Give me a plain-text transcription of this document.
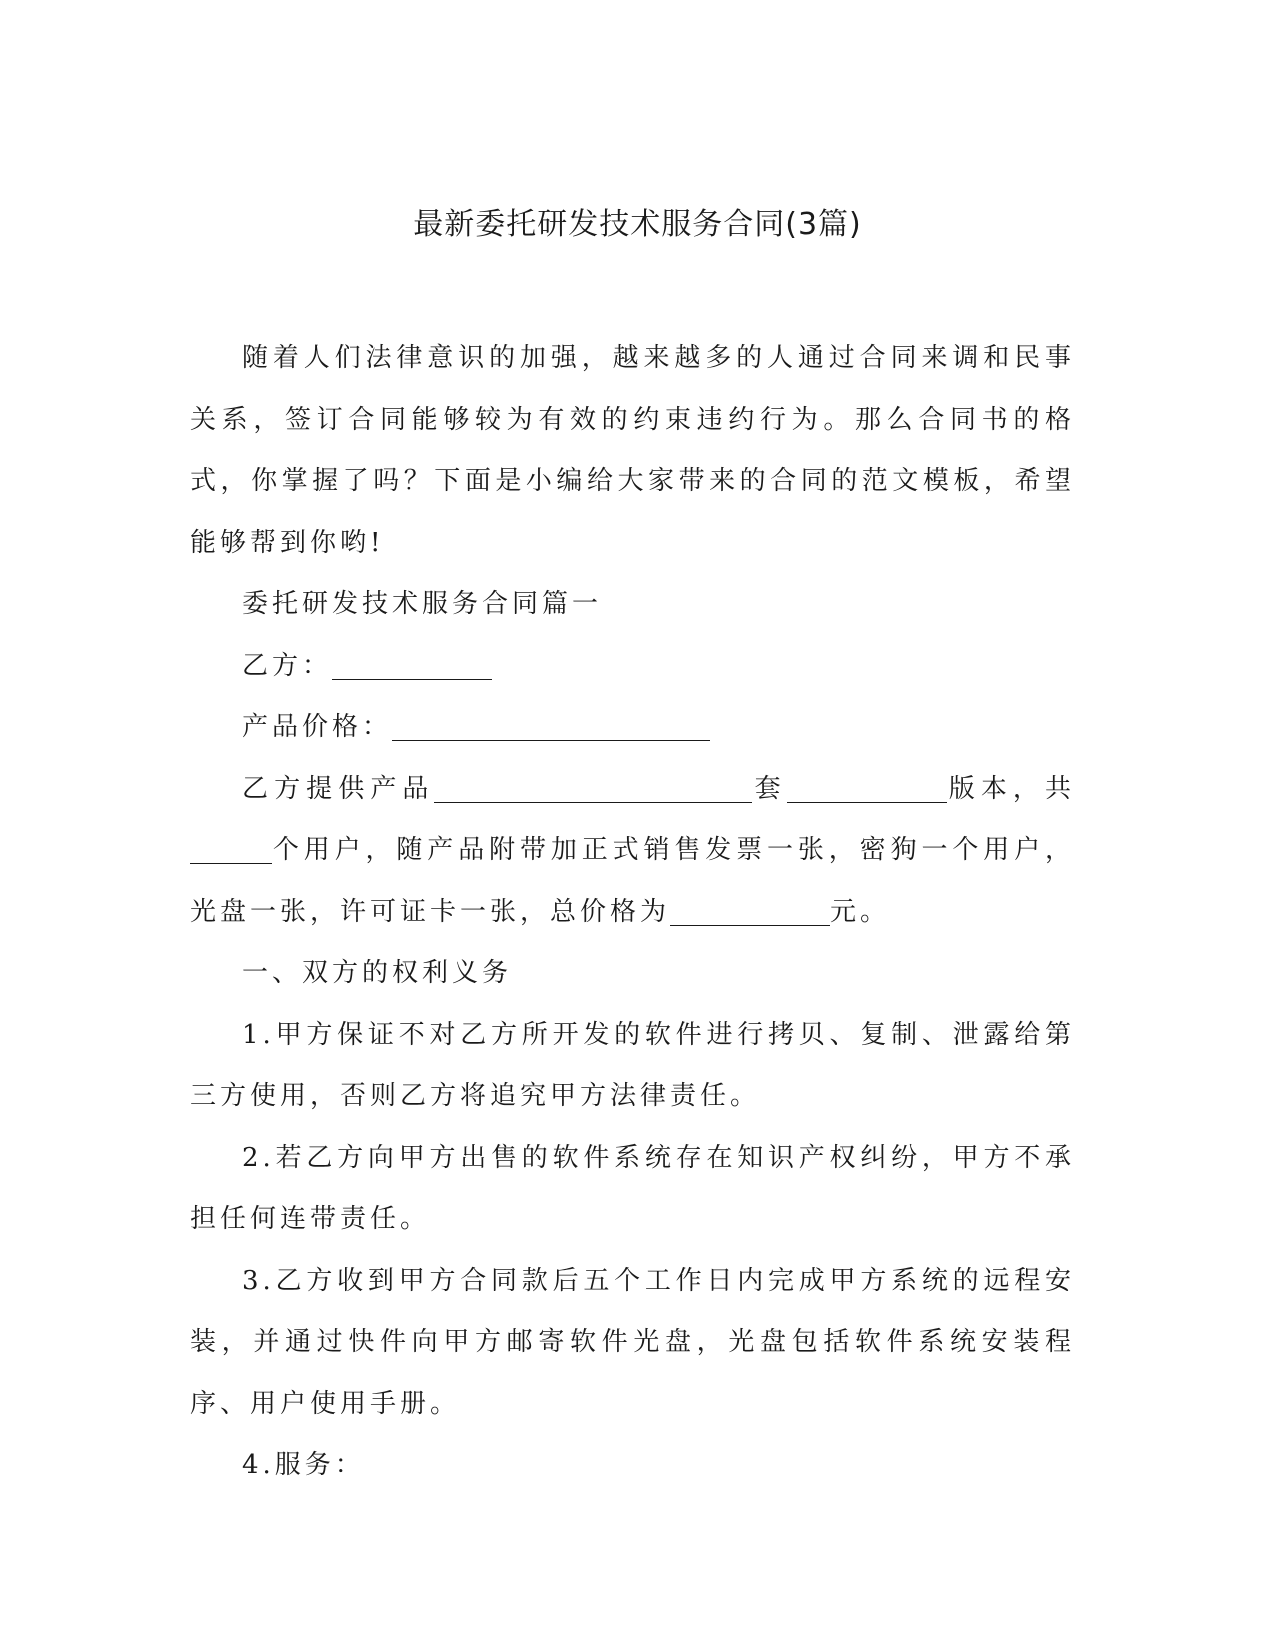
最新委托研发技术服务合同(3篇)

随着人们法律意识的加强，越来越多的人通过合同来调和民事关系，签订合同能够较为有效的约束违约行为。那么合同书的格式，你掌握了吗？下面是小编给大家带来的合同的范文模板，希望能够帮到你哟!

委托研发技术服务合同篇一

乙方：

产品价格：

乙方提供产品	套	版本，共个用户，随产品附带加正式销售发票一张，密狗一个用户，光盘一张，许可证卡一张，总价格为	元。

一、双方的权利义务

1.甲方保证不对乙方所开发的软件进行拷贝、复制、泄露给第三方使用，否则乙方将追究甲方法律责任。

2.若乙方向甲方出售的软件系统存在知识产权纠纷，甲方不承担任何连带责任。

3.乙方收到甲方合同款后五个工作日内完成甲方系统的远程安装，并通过快件向甲方邮寄软件光盘，光盘包括软件系统安装程序、用户使用手册。

4.服务：
